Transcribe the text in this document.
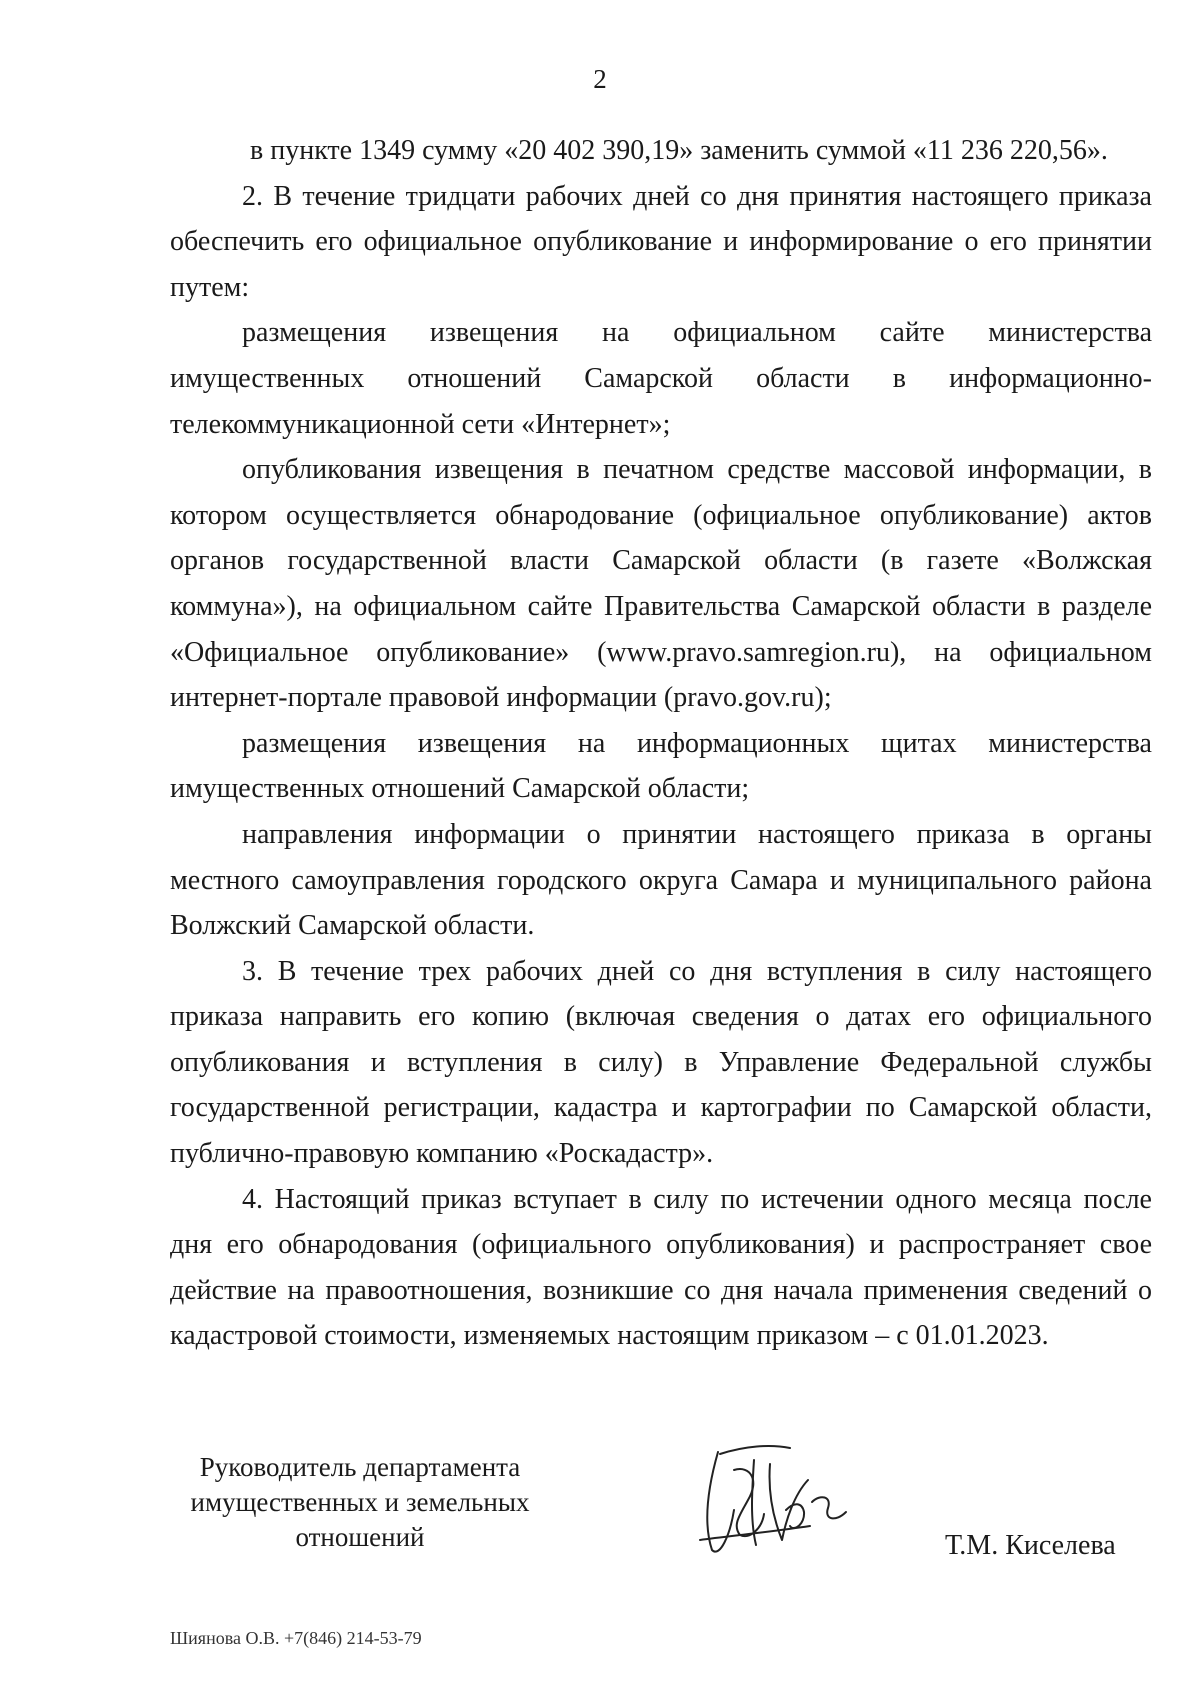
2

в пункте 1349 сумму «20 402 390,19» заменить суммой «11 236 220,56».

2. В течение тридцати рабочих дней со дня принятия настоящего приказа обеспечить его официальное опубликование и информирование о его принятии путем:

размещения извещения на официальном сайте министерства имущественных отношений Самарской области в информационно-телекоммуникационной сети «Интернет»;

опубликования извещения в печатном средстве массовой информации, в котором осуществляется обнародование (официальное опубликование) актов органов государственной власти Самарской области (в газете «Волжская коммуна»), на официальном сайте Правительства Самарской области в разделе «Официальное опубликование» (www.pravo.samregion.ru), на официальном интернет-портале правовой информации (pravo.gov.ru);

размещения извещения на информационных щитах министерства имущественных отношений Самарской области;

направления информации о принятии настоящего приказа в органы местного самоуправления городского округа Самара и муниципального района Волжский Самарской области.

3. В течение трех рабочих дней со дня вступления в силу настоящего приказа направить его копию (включая сведения о датах его официального опубликования и вступления в силу) в Управление Федеральной службы государственной регистрации, кадастра и картографии по Самарской области, публично-правовую компанию «Роскадастр».

4. Настоящий приказ вступает в силу по истечении одного месяца после дня его обнародования (официального опубликования) и распространяет свое действие на правоотношения, возникшие со дня начала применения сведений о кадастровой стоимости, изменяемых настоящим приказом – с 01.01.2023.

Руководитель департамента
имущественных и земельных
отношений	Т.М. Киселева
Шиянова О.В. +7(846) 214-53-79
